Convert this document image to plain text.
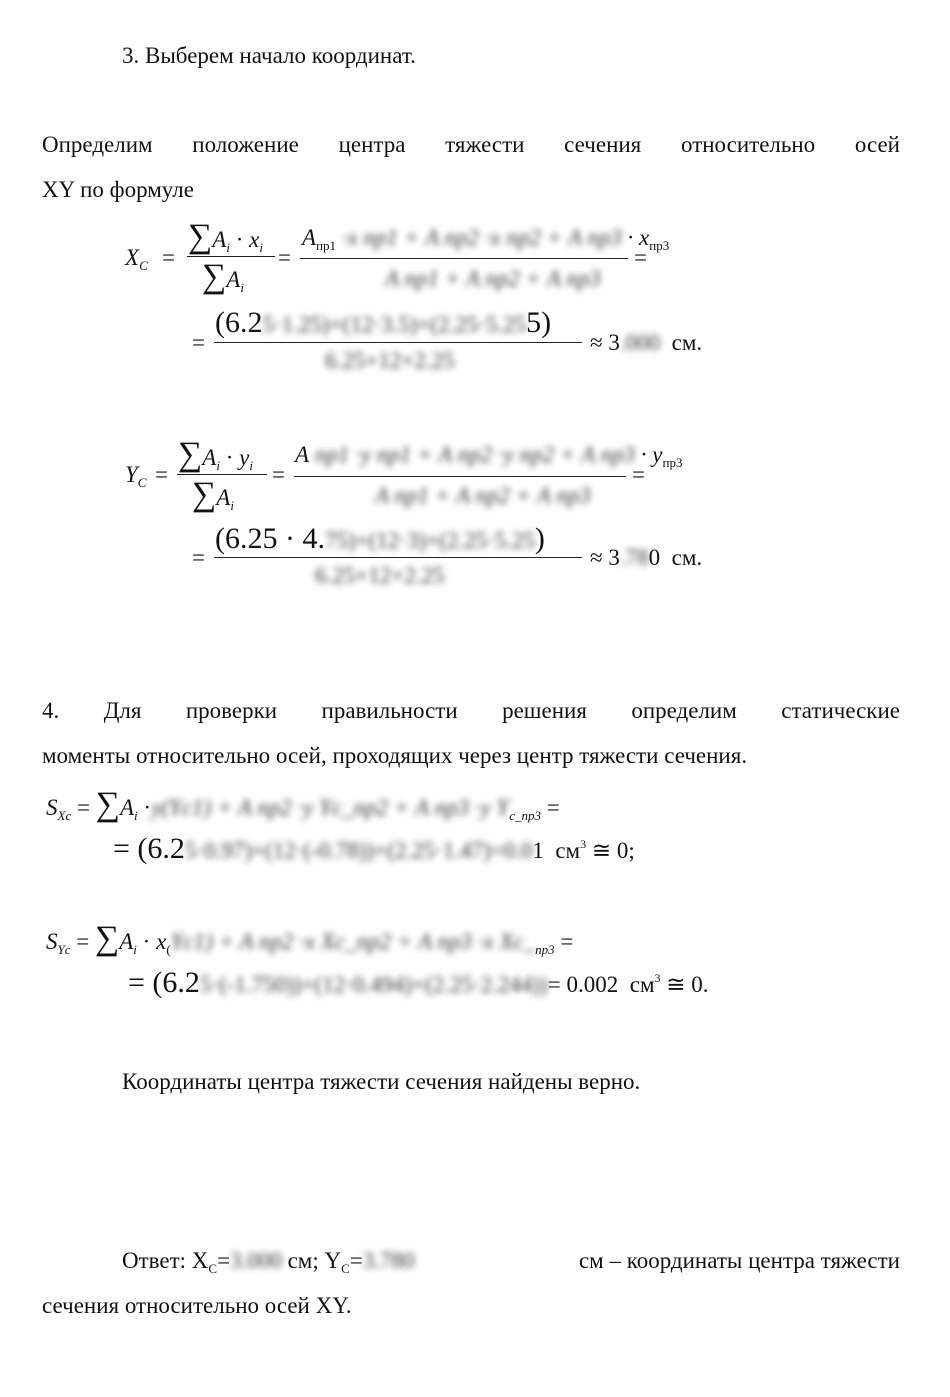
3. Выберем начало координат.
Определим положение центра тяжести сечения относительно осей
XY по формуле
$X_C$ =
$\sum A_i \cdot x_i$
$\sum A_i$
=
$A_{пр1} \cdot x$ пр1 + A пр2 ·x пр2 + A $пр3 \cdot x_{пр3}$
A пр1 + A пр2 + A пр3
=
=
(6.25·1.25)+(12·3.5)+(2.25·5.255)
6.25+12+2.25
≈ 3.000 см.
$Y_C$ =
$\sum A_i \cdot y_i$
$\sum A_i$
=
A пр1 ·y пр1 + A пр2 ·y пр2 + A $пр3 \cdot y_{пр3}$
A пр1 + A пр2 + A пр3
=
=
(6.25 · 4.75)+(12·3)+(2.25·5.25)
6.25+12+2.25
≈ 3.780 см.
4. Для проверки правильности решения определим статические
моменты относительно осей, проходящих через центр тяжести сечения.
$S_{Xc} = \sum A_i \cdot y(Yc1) + A$ пр2 ·y Yc_пр2 + A пр3 ·y $Y_{c\_пр3}$ =
= (6.25·0.97)+(12·(-0.78))+(2.25·1.47)=0.01 $см^3$ ≅ 0;
$S_{Yc} = \sum A_i \cdot x_(Yc1) + A$ пр2 ·x Xc_пр2 + A пр3 ·x $Xc\__{пр3}$ =
= (6.25·(-1.750))+(12·0.494)+(2.25·2.244))= 0.002 $см^3$ ≅ 0.
Координаты центра тяжести сечения найдены верно.
Ответ: $X_C=3.000$ см; $Y_C=3.780$	см – координаты центра тяжести
сечения относительно осей XY.
